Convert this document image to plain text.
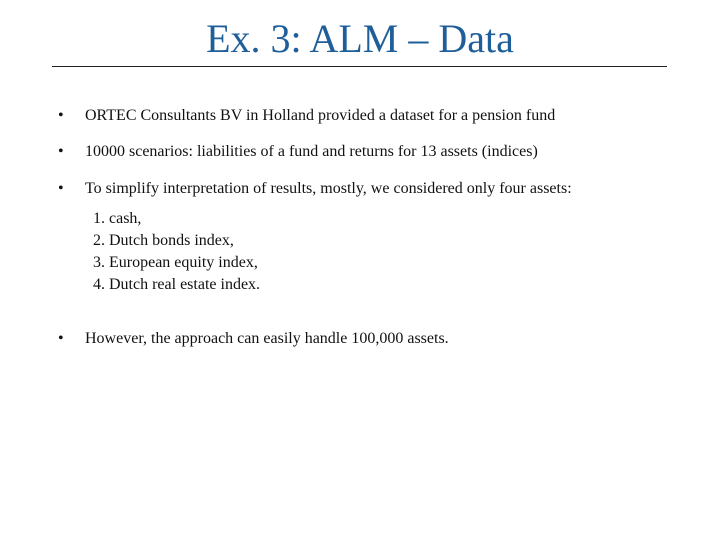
Ex. 3: ALM – Data
• ORTEC Consultants BV in Holland provided a dataset for a pension fund
• 10000 scenarios: liabilities of a fund and returns for 13 assets (indices)
• To simplify interpretation of results, mostly, we considered only four assets:
1. cash,
2. Dutch bonds index,
3. European equity index,
4. Dutch real estate index.
• However, the approach can easily handle 100,000 assets.
